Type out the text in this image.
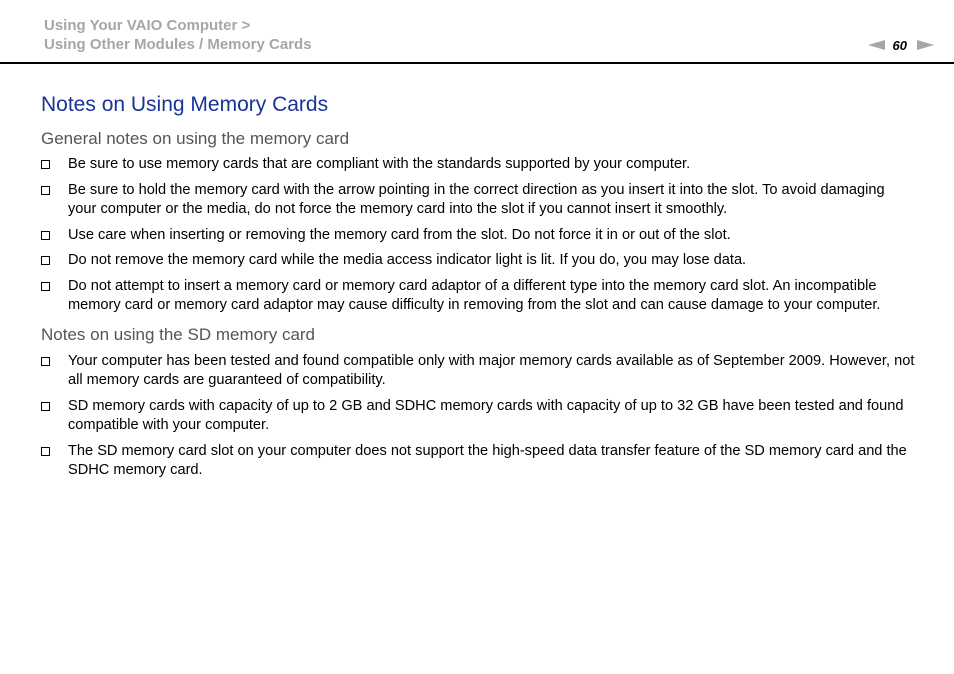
Using Your VAIO Computer >
Using Other Modules / Memory Cards	60
Notes on Using Memory Cards
General notes on using the memory card
Be sure to use memory cards that are compliant with the standards supported by your computer.
Be sure to hold the memory card with the arrow pointing in the correct direction as you insert it into the slot. To avoid damaging your computer or the media, do not force the memory card into the slot if you cannot insert it smoothly.
Use care when inserting or removing the memory card from the slot. Do not force it in or out of the slot.
Do not remove the memory card while the media access indicator light is lit. If you do, you may lose data.
Do not attempt to insert a memory card or memory card adaptor of a different type into the memory card slot. An incompatible memory card or memory card adaptor may cause difficulty in removing from the slot and can cause damage to your computer.
Notes on using the SD memory card
Your computer has been tested and found compatible only with major memory cards available as of September 2009. However, not all memory cards are guaranteed of compatibility.
SD memory cards with capacity of up to 2 GB and SDHC memory cards with capacity of up to 32 GB have been tested and found compatible with your computer.
The SD memory card slot on your computer does not support the high-speed data transfer feature of the SD memory card and the SDHC memory card.
